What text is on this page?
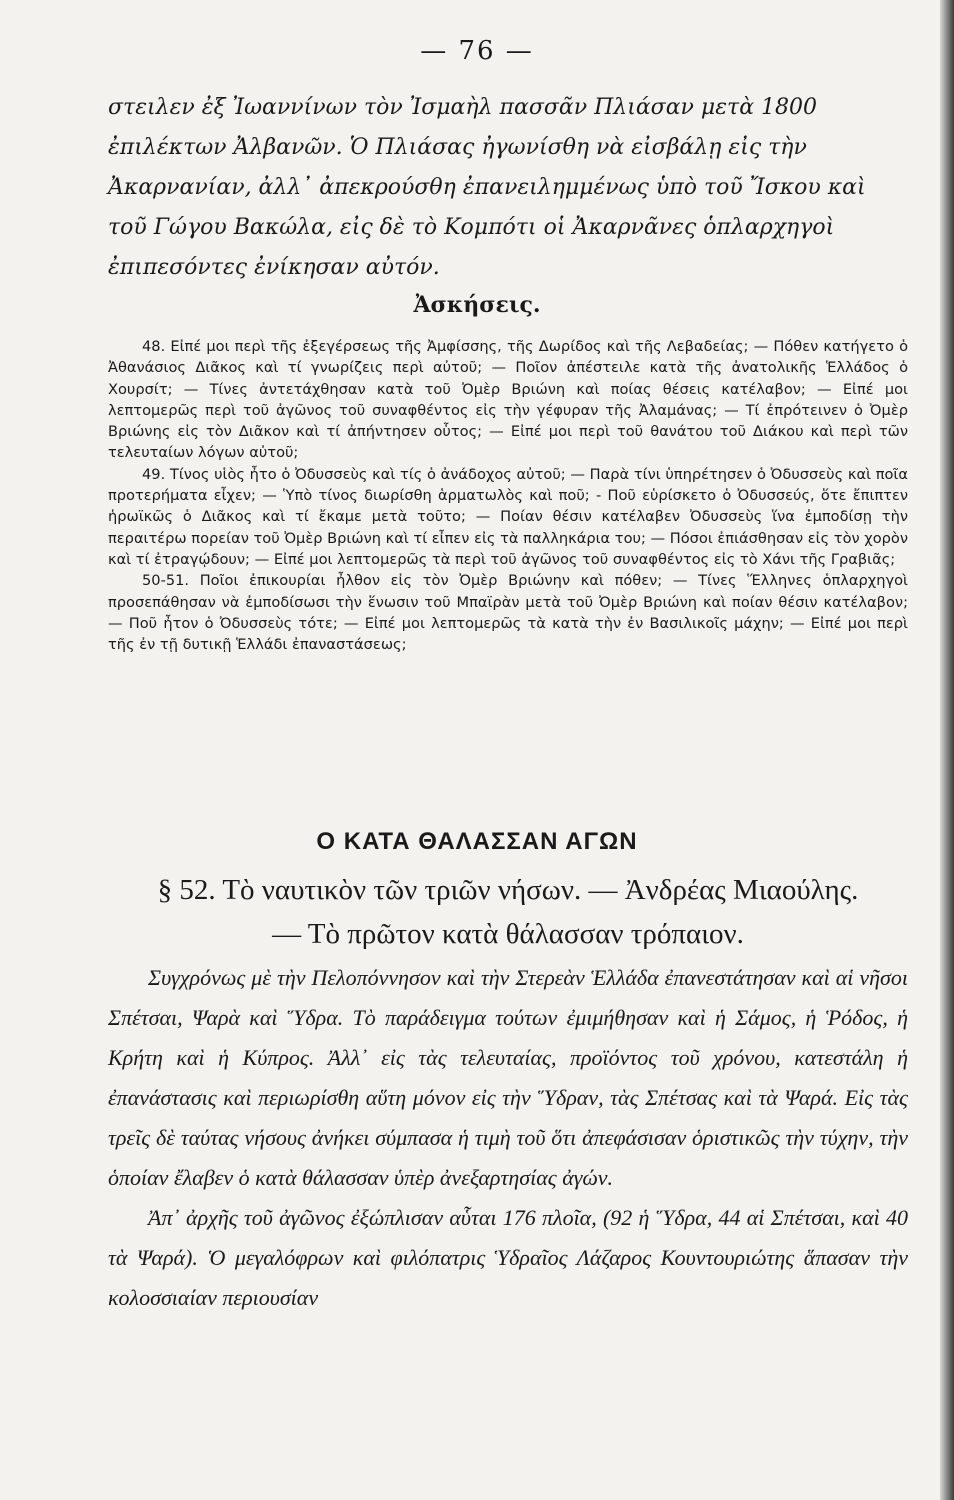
— 76 —
στειλεν ἐξ Ἰωαννίνων τὸν Ἰσμαὴλ πασσᾶν Πλιάσαν μετὰ 1800 ἐπιλέκτων Ἀλβανῶν. Ὁ Πλιάσας ἠγωνίσθη νὰ εἰσβάλῃ εἰς τὴν Ἀκαρνανίαν, ἀλλ᾿ ἀπεκρούσθη ἐπανειλημμένως ὑπὸ τοῦ Ἴσκου καὶ τοῦ Γώγου Βακώλα, εἰς δὲ τὸ Κομπότι οἱ Ἀκαρνᾶνες ὁπλαρχηγοὶ ἐπιπεσόντες ἐνίκησαν αὐτόν.
Ἀσκήσεις.

48. Εἰπέ μοι περὶ τῆς ἐξεγέρσεως τῆς Ἀμφίσσης, τῆς Δωρίδος καὶ τῆς Λεβαδείας; — Πόθεν κατήγετο ὁ Ἀθανάσιος Διᾶκος καὶ τί γνωρίζεις περὶ αὐτοῦ; — Ποῖον ἀπέστειλε κατὰ τῆς ἀνατολικῆς Ἑλλάδος ὁ Χουρσίτ; — Τίνες ἀντετάχθησαν κατὰ τοῦ Ὀμὲρ Βριώνη καὶ ποίας θέσεις κατέλαβον; — Εἰπέ μοι λεπτομερῶς περὶ τοῦ ἀγῶνος τοῦ συναφθέντος εἰς τὴν γέφυραν τῆς Ἀλαμάνας; — Τί ἐπρότεινεν ὁ Ὀμὲρ Βριώνης εἰς τὸν Διᾶκον καὶ τί ἀπήντησεν οὗτος; — Εἰπέ μοι περὶ τοῦ θανάτου τοῦ Διάκου καὶ περὶ τῶν τελευταίων λόγων αὐτοῦ;

49. Τίνος υἱὸς ἦτο ὁ Ὀδυσσεὺς καὶ τίς ὁ ἀνάδοχος αὐτοῦ; — Παρὰ τίνι ὑπηρέτησεν ὁ Ὀδυσσεὺς καὶ ποῖα προτερήματα εἶχεν; — Ὑπὸ τίνος διωρίσθη ἁρματωλὸς καὶ ποῦ; - Ποῦ εὑρίσκετο ὁ Ὀδυσσεύς, ὅτε ἔπιπτεν ἡρωϊκῶς ὁ Διᾶκος καὶ τί ἔκαμε μετὰ τοῦτο; — Ποίαν θέσιν κατέλαβεν Ὀδυσσεὺς ἵνα ἐμποδίσῃ τὴν περαιτέρω πορείαν τοῦ Ὀμὲρ Βριώνη καὶ τί εἶπεν εἰς τὰ παλληκάρια του; — Πόσοι ἐπιάσθησαν εἰς τὸν χορὸν καὶ τί ἐτραγῴδουν; — Εἰπέ μοι λεπτομερῶς τὰ περὶ τοῦ ἀγῶνος τοῦ συναφθέντος εἰς τὸ Χάνι τῆς Γραβιᾶς;

50-51. Ποῖοι ἐπικουρίαι ἦλθον εἰς τὸν Ὀμὲρ Βριώνην καὶ πόθεν; — Τίνες Ἕλληνες ὁπλαρχηγοὶ προσεπάθησαν νὰ ἐμποδίσωσι τὴν ἕνωσιν τοῦ Μπαϊρὰν μετὰ τοῦ Ὀμὲρ Βριώνη καὶ ποίαν θέσιν κατέλαβον; — Ποῦ ἦτον ὁ Ὀδυσσεὺς τότε; — Εἰπέ μοι λεπτομερῶς τὰ κατὰ τὴν ἐν Βασιλικοῖς μάχην; — Εἰπέ μοι περὶ τῆς ἐν τῇ δυτικῇ Ἑλλάδι ἐπαναστάσεως;

Ο ΚΑΤΑ ΘΑΛΑΣΣΑΝ ΑΓΩΝ
§ 52. Τὸ ναυτικὸν τῶν τριῶν νήσων. — Ἀνδρέας Μιαούλης.
— Τὸ πρῶτον κατὰ θάλασσαν τρόπαιον.

Συγχρόνως μὲ τὴν Πελοπόννησον καὶ τὴν Στερεὰν Ἑλλάδα ἐπανεστάτησαν καὶ αἱ νῆσοι Σπέτσαι, Ψαρὰ καὶ Ὕδρα. Τὸ παράδειγμα τούτων ἐμιμήθησαν καὶ ἡ Σάμος, ἡ Ῥόδος, ἡ Κρήτη καὶ ἡ Κύπρος. Ἀλλ᾿ εἰς τὰς τελευταίας, προϊόντος τοῦ χρόνου, κατεστάλη ἡ ἐπανάστασις καὶ περιωρίσθη αὕτη μόνον εἰς τὴν Ὕδραν, τὰς Σπέτσας καὶ τὰ Ψαρά. Εἰς τὰς τρεῖς δὲ ταύτας νήσους ἀνήκει σύμπασα ἡ τιμὴ τοῦ ὅτι ἀπεφάσισαν ὁριστικῶς τὴν τύχην, τὴν ὁποίαν ἔλαβεν ὁ κατὰ θάλασσαν ὑπὲρ ἀνεξαρτησίας ἀγών.

Ἀπ᾿ ἀρχῆς τοῦ ἀγῶνος ἐξώπλισαν αὗται 176 πλοῖα, (92 ἡ Ὕδρα, 44 αἱ Σπέτσαι, καὶ 40 τὰ Ψαρά). Ὁ μεγαλόφρων καὶ φιλόπατρις Ὑδραῖος Λάζαρος Κουντουριώτης ἅπασαν τὴν κολοσσιαίαν περιουσίαν
